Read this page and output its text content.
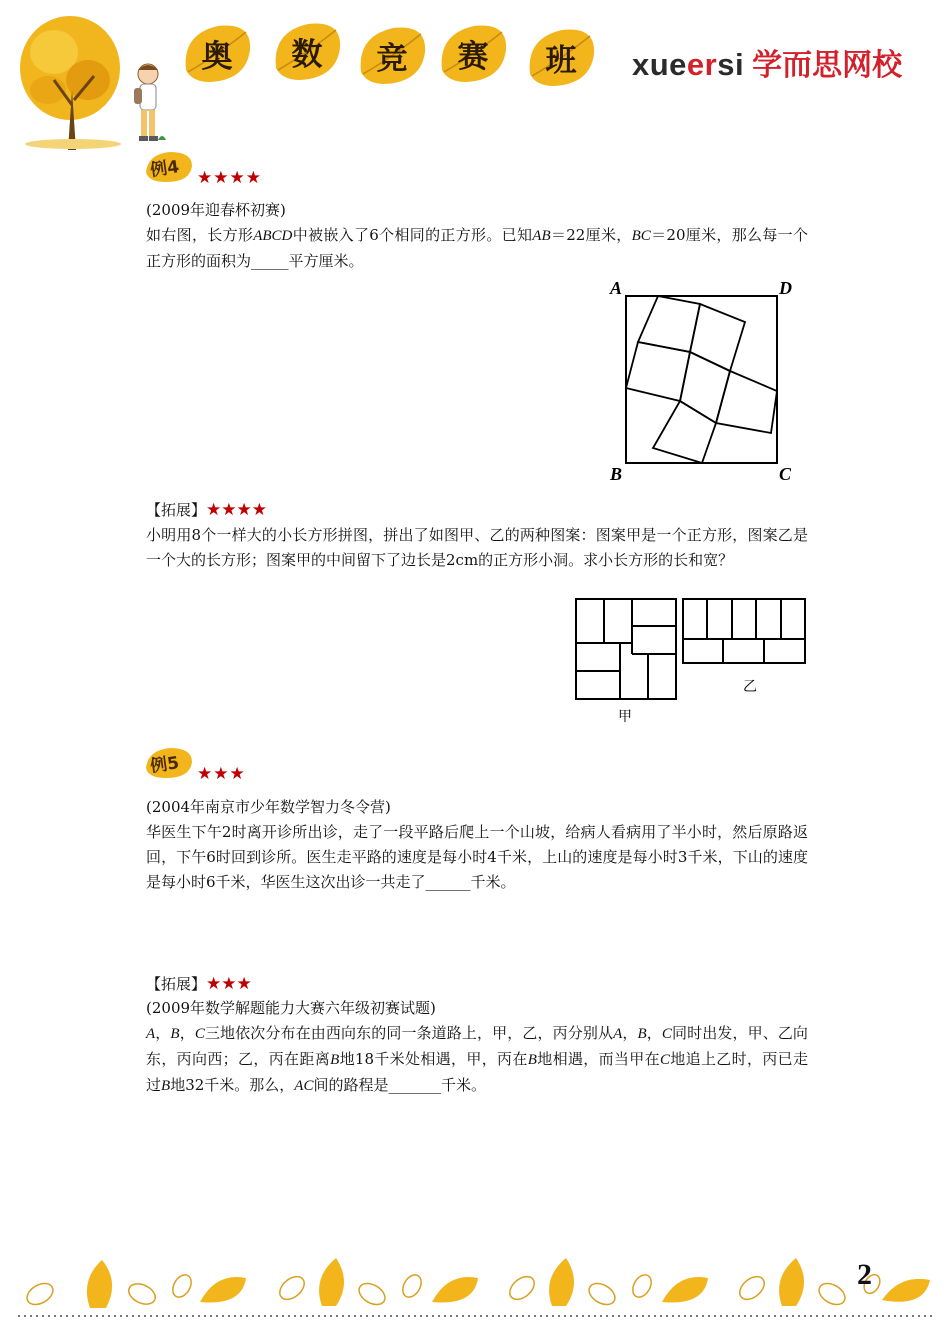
奥	数	竞	赛	班	xueersi 学而思网校
例4 ★★★★

(2009年迎春杯初赛)

如右图，长方形ABCD中被嵌入了6个相同的正方形。已知AB＝22厘米，BC＝20厘米，那么每一个正方形的面积为_____平方厘米。

A	D
B	C
【拓展】★★★★

小明用8个一样大的小长方形拼图，拼出了如图甲、乙的两种图案：图案甲是一个正方形，图案乙是一个大的长方形；图案甲的中间留下了边长是2cm的正方形小洞。求小长方形的长和宽？

甲
乙
例5 ★★★

(2004年南京市少年数学智力冬令营)

华医生下午2时离开诊所出诊，走了一段平路后爬上一个山坡，给病人看病用了半小时，然后原路返回，下午6时回到诊所。医生走平路的速度是每小时4千米，上山的速度是每小时3千米，下山的速度是每小时6千米，华医生这次出诊一共走了______千米。

【拓展】★★★

(2009年数学解题能力大赛六年级初赛试题)

A，B，C三地依次分布在由西向东的同一条道路上，甲，乙，丙分别从A，B，C同时出发，甲、乙向东，丙向西；乙，丙在距离B地18千米处相遇，甲，丙在B地相遇，而当甲在C地追上乙时，丙已走过B地32千米。那么，AC间的路程是_______千米。

2
